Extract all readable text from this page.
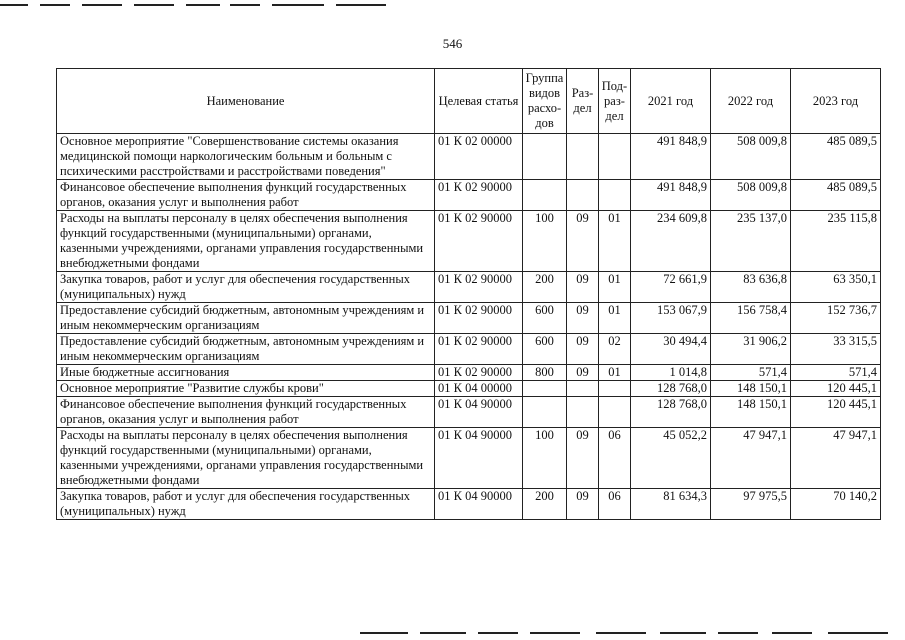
546
Наименование	Целевая статья	Группа видов расхо-дов	Раз-дел	Под-раз-дел	2021 год	2022 год	2023 год
Основное мероприятие "Совершенствование системы оказания медицинской помощи наркологическим больным и больным с психическими расстройствами и расстройствами поведения"	01 К 02 00000				491 848,9	508 009,8	485 089,5
Финансовое обеспечение выполнения функций государственных органов, оказания услуг и выполнения работ	01 К 02 90000				491 848,9	508 009,8	485 089,5
Расходы на выплаты персоналу в целях обеспечения выполнения функций государственными (муниципальными) органами, казенными учреждениями, органами управления государственными внебюджетными фондами	01 К 02 90000	100	09	01	234 609,8	235 137,0	235 115,8
Закупка товаров, работ и услуг для обеспечения государственных (муниципальных) нужд	01 К 02 90000	200	09	01	72 661,9	83 636,8	63 350,1
Предоставление субсидий бюджетным, автономным учреждениям и иным некоммерческим организациям	01 К 02 90000	600	09	01	153 067,9	156 758,4	152 736,7
Предоставление субсидий бюджетным, автономным учреждениям и иным некоммерческим организациям	01 К 02 90000	600	09	02	30 494,4	31 906,2	33 315,5
Иные бюджетные ассигнования	01 К 02 90000	800	09	01	1 014,8	571,4	571,4
Основное мероприятие "Развитие службы крови"	01 К 04 00000				128 768,0	148 150,1	120 445,1
Финансовое обеспечение выполнения функций государственных органов, оказания услуг и выполнения работ	01 К 04 90000				128 768,0	148 150,1	120 445,1
Расходы на выплаты персоналу в целях обеспечения выполнения функций государственными (муниципальными) органами, казенными учреждениями, органами управления государственными внебюджетными фондами	01 К 04 90000	100	09	06	45 052,2	47 947,1	47 947,1
Закупка товаров, работ и услуг для обеспечения государственных (муниципальных) нужд	01 К 04 90000	200	09	06	81 634,3	97 975,5	70 140,2
